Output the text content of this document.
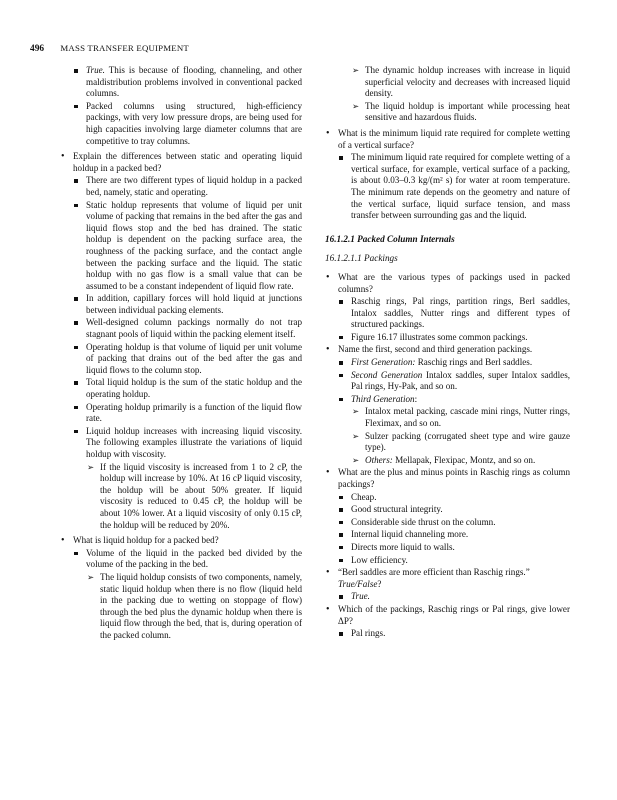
496 MASS TRANSFER EQUIPMENT
True. This is because of flooding, channeling, and other maldistribution problems involved in conventional packed columns.
Packed columns using structured, high-efficiency packings, with very low pressure drops, are being used for high capacities involving large diameter columns that are competitive to tray columns.
• Explain the differences between static and operating liquid holdup in a packed bed?
There are two different types of liquid holdup in a packed bed, namely, static and operating.
Static holdup represents that volume of liquid per unit volume of packing that remains in the bed after the gas and liquid flows stop and the bed has drained. The static holdup is dependent on the packing surface area, the roughness of the packing surface, and the contact angle between the packing surface and the liquid. The static holdup with no gas flow is a small value that can be assumed to be a constant independent of liquid flow rate.
In addition, capillary forces will hold liquid at junctions between individual packing elements.
Well-designed column packings normally do not trap stagnant pools of liquid within the packing element itself.
Operating holdup is that volume of liquid per unit volume of packing that drains out of the bed after the gas and liquid flows to the column stop.
Total liquid holdup is the sum of the static holdup and the operating holdup.
Operating holdup primarily is a function of the liquid flow rate.
Liquid holdup increases with increasing liquid viscosity. The following examples illustrate the variations of liquid holdup with viscosity.
➢ If the liquid viscosity is increased from 1 to 2 cP, the holdup will increase by 10%. At 16 cP liquid viscosity, the holdup will be about 50% greater. If liquid viscosity is reduced to 0.45 cP, the holdup will be about 10% lower. At a liquid viscosity of only 0.15 cP, the holdup will be reduced by 20%.
• What is liquid holdup for a packed bed?
Volume of the liquid in the packed bed divided by the volume of the packing in the bed.
➢ The liquid holdup consists of two components, namely, static liquid holdup when there is no flow (liquid held in the packing due to wetting on stoppage of flow) through the bed plus the dynamic holdup when there is liquid flow through the bed, that is, during operation of the packed column.
➢ The dynamic holdup increases with increase in liquid superficial velocity and decreases with increased liquid density.
➢ The liquid holdup is important while processing heat sensitive and hazardous fluids.
• What is the minimum liquid rate required for complete wetting of a vertical surface?
The minimum liquid rate required for complete wetting of a vertical surface, for example, vertical surface of a packing, is about 0.03–0.3 kg/(m² s) for water at room temperature. The minimum rate depends on the geometry and nature of the vertical surface, liquid surface tension, and mass transfer between surrounding gas and the liquid.
16.1.2.1 Packed Column Internals
16.1.2.1.1 Packings
• What are the various types of packings used in packed columns?
Raschig rings, Pal rings, partition rings, Berl saddles, Intalox saddles, Nutter rings and different types of structured packings.
Figure 16.17 illustrates some common packings.
• Name the first, second and third generation packings.
First Generation: Raschig rings and Berl saddles.
Second Generation Intalox saddles, super Intalox saddles, Pal rings, Hy-Pak, and so on.
Third Generation:
➢ Intalox metal packing, cascade mini rings, Nutter rings, Fleximax, and so on.
➢ Sulzer packing (corrugated sheet type and wire gauze type).
➢ Others: Mellapak, Flexipac, Montz, and so on.
• What are the plus and minus points in Raschig rings as column packings?
Cheap.
Good structural integrity.
Considerable side thrust on the column.
Internal liquid channeling more.
Directs more liquid to walls.
Low efficiency.
• “Berl saddles are more efficient than Raschig rings.”
True/False?
True.
• Which of the packings, Raschig rings or Pal rings, give lower ΔP?
Pal rings.
